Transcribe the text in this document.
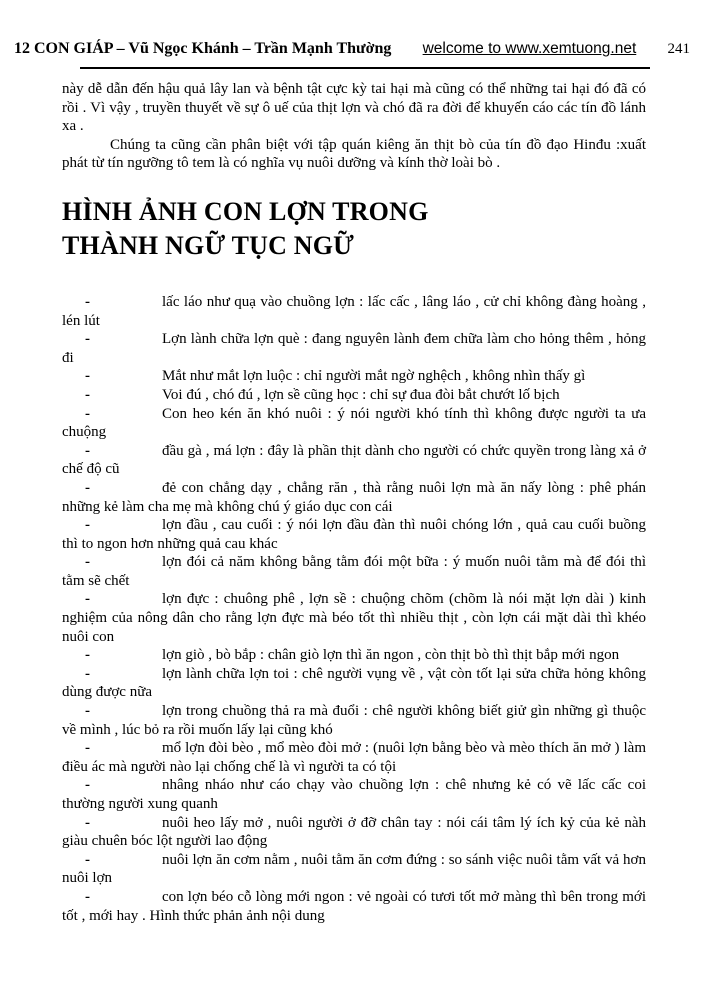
12 CON GIÁP – Vũ Ngọc Khánh – Trần Mạnh Thường welcome to www.xemtuong.net 241

này dễ dẫn đến hậu quả lây lan và bệnh tật cực kỳ tai hại mà cũng có thể những tai hại đó đã có rồi . Vì vậy , truyền thuyết về sự ô uế của thịt lợn và chó đã ra đời để khuyến cáo các tín đồ lánh xa .

Chúng ta cũng cần phân biệt với tập quán kiêng ăn thịt bò của tín đồ đạo Hinđu :xuất phát từ tín ngưỡng tô tem là có nghĩa vụ nuôi dưỡng và kính thờ loài bò .

HÌNH ẢNH CON LỢN TRONG
THÀNH NGỮ TỤC NGỮ

-	lấc láo như quạ vào chuồng lợn : lấc cấc , lâng láo , cử chỉ không đàng hoàng , lén lút

-	Lợn lành chữa lợn què : đang nguyên lành đem chữa làm cho hỏng thêm , hỏng đi

-	Mắt như mắt lợn luộc : chỉ người mắt ngờ nghệch , không nhìn thấy gì

-	Voi đú , chó đú , lợn sề cũng học : chỉ sự đua đòi bắt chướt lố bịch

-	Con heo kén ăn khó nuôi : ý nói người khó tính thì không được người ta ưa chuộng

-	đầu gà , má lợn : đây là phần thịt dành cho người có chức quyền trong làng xả ở chế độ cũ

-	đẻ con chẳng dạy , chẳng răn , thà rằng nuôi lợn mà ăn nấy lòng : phê phán những kẻ làm cha mẹ mà không chú ý giáo dục con cái

-	lợn đầu , cau cuối : ý nói lợn đầu đàn thì nuôi chóng lớn , quả cau cuối buồng thì to ngon hơn những quả cau khác

-	lợn đói cả năm không bằng tằm đói một bữa : ý muốn nuôi tằm mà để đói thì tằm sẽ chết

-	lợn đực : chuông phê , lợn sề : chuộng chõm (chõm là nói mặt lợn dài ) kinh nghiệm của nông dân cho rằng lợn đực mà béo tốt thì nhiều thịt , còn lợn cái mặt dài thì khéo nuôi con

-	lợn giò , bò bắp : chân giò lợn thì ăn ngon , còn thịt bò thì thịt bắp mới ngon

-	lợn lành chữa lợn toi : chê người vụng về , vật còn tốt lại sửa chữa hỏng không dùng được nữa

-	lợn trong chuồng thả ra mà đuổi : chê người không biết giử gìn những gì thuộc về mình , lúc bỏ ra rồi muốn lấy lại cũng khó

-	mổ lợn đòi bèo , mổ mèo đòi mở : (nuôi lợn bằng bèo và mèo thích ăn mở ) làm điều ác mà người nào lại chống chế là vì người ta có tội

-	nhâng nháo như cáo chạy vào chuồng lợn : chê nhưng kẻ có vẽ lấc cấc coi thường người xung quanh

-	nuôi heo lấy mở , nuôi người ở đỡ chân tay : nói cái tâm lý ích kỷ của kẻ nàh giàu chuên bóc lột người lao động

-	nuôi lợn ăn cơm nằm , nuôi tằm ăn cơm đứng : so sánh việc nuôi tằm vất vả hơn nuôi lợn

-	con lợn béo cỗ lòng mới ngon : vẻ ngoài có tươi tốt mở màng thì bên trong mới tốt , mới hay . Hình thức phản ảnh nội dung
